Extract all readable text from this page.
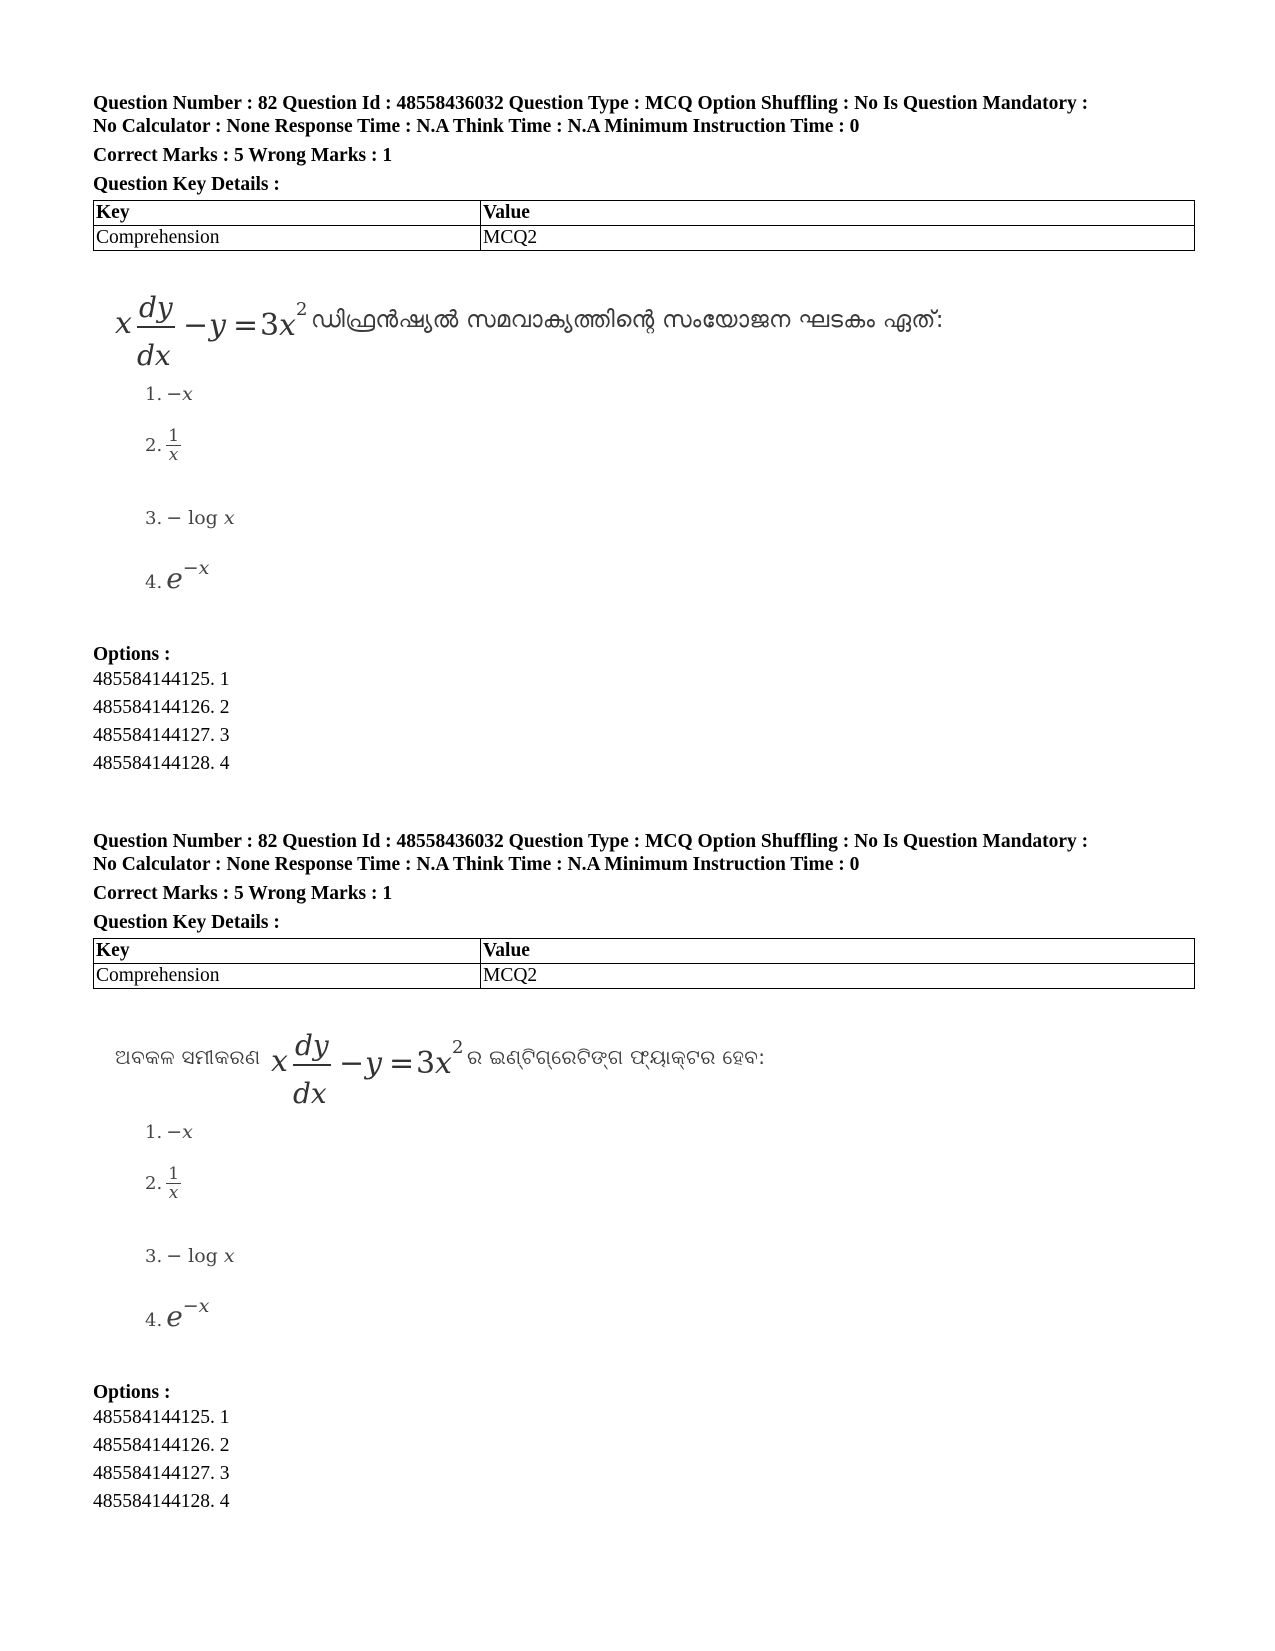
Question Number : 82 Question Id : 48558436032 Question Type : MCQ Option Shuffling : No Is Question Mandatory :

No Calculator : None Response Time : N.A Think Time : N.A Minimum Instruction Time : 0

Correct Marks : 5 Wrong Marks : 1
Question Key Details :
Key	Value
Comprehension	MCQ2
x dy
dx
− y = 3 x 2 ഡിഫ്രൻഷ്യൽ സമവാക്യത്തിന്റെ സംയോജന ഘടകം ഏത്:
1. −x
2. $\frac{1}{x}$
3. − log x
4. e−x
Options :
485584144125. 1
485584144126. 2
485584144127. 3
485584144128. 4

Question Number : 82 Question Id : 48558436032 Question Type : MCQ Option Shuffling : No Is Question Mandatory :

No Calculator : None Response Time : N.A Think Time : N.A Minimum Instruction Time : 0

Correct Marks : 5 Wrong Marks : 1
Question Key Details :
Key	Value
Comprehension	MCQ2
ଅବକଳ ସମୀକରଣ x dy
dx
− y = 3 x 2 ର ଇଣ୍ଟିଗ୍ରେଟିଙ୍ଗ ଫ୍ୟାକ୍ଟର ହେବ:
1. −x
2. $\frac{1}{x}$
3. − log x
4. e−x
Options :
485584144125. 1
485584144126. 2
485584144127. 3
485584144128. 4
